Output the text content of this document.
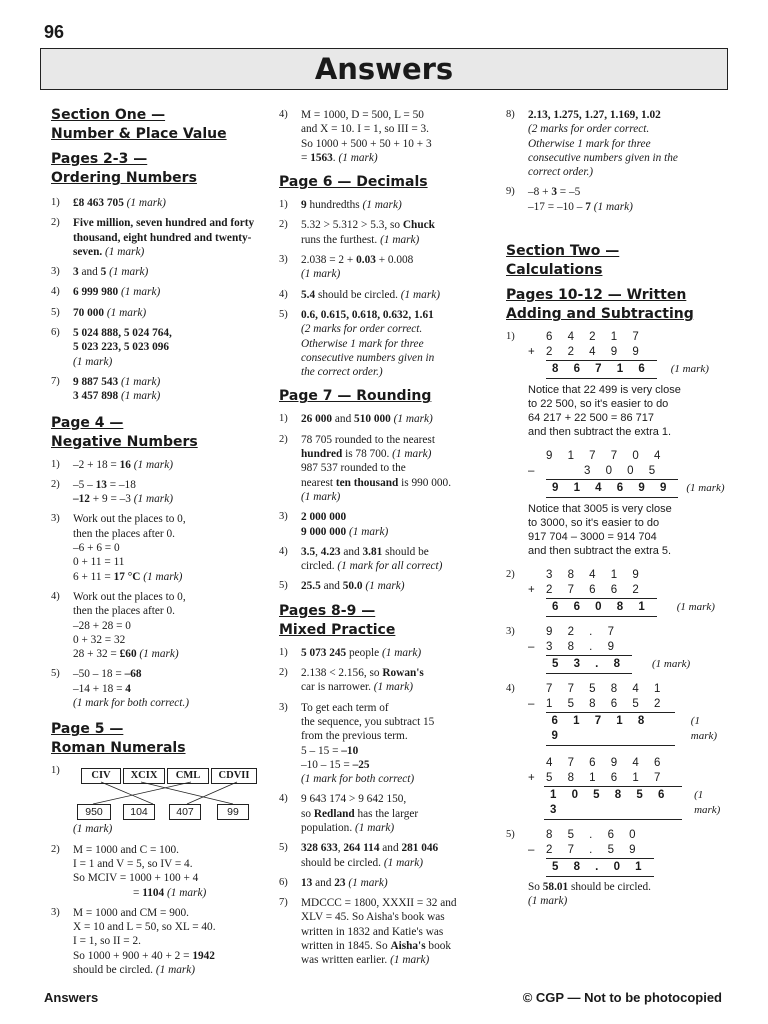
96
Answers

Section One —

Number & Place Value

Pages 2-3 —

Ordering Numbers

1)	£8 463 705 (1 mark)
2)	Five million, seven hundred and forty thousand, eight hundred and twenty-seven. (1 mark)
3)	3 and 5 (1 mark)
4)	6 999 980 (1 mark)
5)	70 000 (1 mark)
6)	5 024 888, 5 024 764,
5 023 223, 5 023 096
(1 mark)
7)	9 887 543 (1 mark)
3 457 898 (1 mark)

Page 4 —

Negative Numbers

1)	–2 + 18 = 16 (1 mark)
2)	–5 – 13 = –18
–12 + 9 = –3 (1 mark)
3)	Work out the places to 0,
then the places after 0.
–6 + 6 = 0
0 + 11 = 11
6 + 11 = 17 °C (1 mark)
4)	Work out the places to 0,
then the places after 0.
–28 + 28 = 0
0 + 32 = 32
28 + 32 = £60 (1 mark)
5)	–50 – 18 = –68
–14 + 18 = 4
(1 mark for both correct.)

Page 5 —

Roman Numerals

1)	CIV	XCIX	CML	CDVII
950	104	407	99
(1 mark)
2)	M = 1000 and C = 100.
I = 1 and V = 5, so IV = 4.
So MCIV = 1000 + 100 + 4
= 1104 (1 mark)
3)	M = 1000 and CM = 900.
X = 10 and L = 50, so XL = 40.
I = 1, so II = 2.
So 1000 + 900 + 40 + 2 = 1942
should be circled. (1 mark)
4)	M = 1000, D = 500, L = 50
and X = 10. I = 1, so III = 3.
So 1000 + 500 + 50 + 10 + 3
= 1563. (1 mark)

Page 6 — Decimals

1)	9 hundredths (1 mark)
2)	5.32 > 5.312 > 5.3, so Chuck
runs the furthest. (1 mark)
3)	2.038 = 2 + 0.03 + 0.008
(1 mark)
4)	5.4 should be circled. (1 mark)
5)	0.6, 0.615, 0.618, 0.632, 1.61
(2 marks for order correct.
Otherwise 1 mark for three
consecutive numbers given in
the correct order.)

Page 7 — Rounding

1)	26 000 and 510 000 (1 mark)
2)	78 705 rounded to the nearest
hundred is 78 700. (1 mark)
987 537 rounded to the
nearest ten thousand is 990 000.
(1 mark)
3)	2 000 000
9 000 000 (1 mark)
4)	3.5, 4.23 and 3.81 should be
circled. (1 mark for all correct)
5)	25.5 and 50.0 (1 mark)

Pages 8-9 —

Mixed Practice

1)	5 073 245 people (1 mark)
2)	2.138 < 2.156, so Rowan's
car is narrower. (1 mark)
3)	To get each term of
the sequence, you subtract 15
from the previous term.
5 – 15 = –10
–10 – 15 = –25
(1 mark for both correct)
4)	9 643 174 > 9 642 150,
so Redland has the larger
population. (1 mark)
5)	328 633, 264 114 and 281 046
should be circled. (1 mark)
6)	13 and 23 (1 mark)
7)	MDCCC = 1800, XXXII = 32 and
XLV = 45. So Aisha's book was
written in 1832 and Katie's was
written in 1845. So Aisha's book
was written earlier. (1 mark)
8)	2.13, 1.275, 1.27, 1.169, 1.02
(2 marks for order correct.
Otherwise 1 mark for three
consecutive numbers given in the
correct order.)
9)	–8 + 3 = –5
–17 = –10 – 7 (1 mark)

Section Two —

Calculations

Pages 10-12 — Written

Adding and Subtracting

1)	6 4 2 1 7
+ 2 2 4 9 9
8 6 7 1 6	(1 mark)
Notice that 22 499 is very close
to 22 500, so it's easier to do
64 217 + 22 500 = 86 717
and then subtract the extra 1.
9 1 7 7 0 4
–	3 0 0 5
9 1 4 6 9 9	(1 mark)
Notice that 3005 is very close
to 3000, so it's easier to do
917 704 – 3000 = 914 704
and then subtract the extra 5.
2)	3 8 4 1 9
+ 2 7 6 6 2
6 6 0 8 1	(1 mark)
3)	9 2 . 7
–	3 8 . 9
5 3 . 8	(1 mark)
4)	7 7 5 8 4 1
–	1 5 8 6 5 2
6 1 7 1 8 9
(1 mark)
4 7 6 9 4 6
+ 5 8 1 6 1 7
1 0 5 8 5 6 3
(1 mark)
5)	8 5 . 6 0
–	2 7 . 5 9
5 8 . 0 1
So 58.01 should be circled.
(1 mark)
Answers	© CGP — Not to be photocopied
